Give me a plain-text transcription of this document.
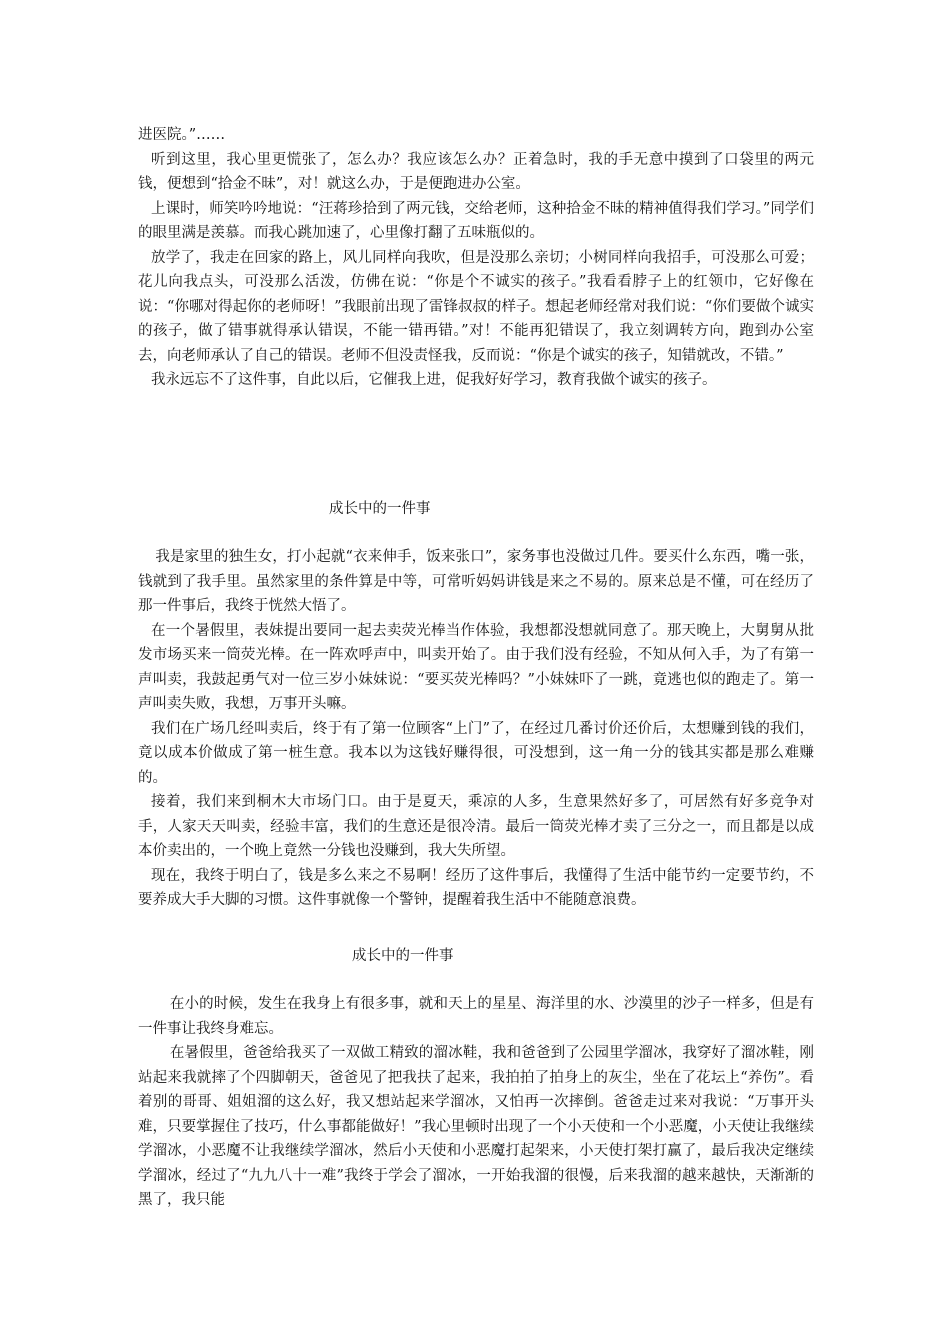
进医院。”……

听到这里，我心里更慌张了，怎么办？我应该怎么办？正着急时，我的手无意中摸到了口袋里的两元钱，便想到“拾金不昧”，对！就这么办，于是便跑进办公室。

上课时，师笑吟吟地说：“汪蒋珍拾到了两元钱，交给老师，这种拾金不昧的精神值得我们学习。”同学们的眼里满是羡慕。而我心跳加速了，心里像打翻了五味瓶似的。

放学了，我走在回家的路上，风儿同样向我吹，但是没那么亲切；小树同样向我招手，可没那么可爱；花儿向我点头，可没那么活泼，仿佛在说：“你是个不诚实的孩子。”我看看脖子上的红领巾，它好像在说：“你哪对得起你的老师呀！”我眼前出现了雷锋叔叔的样子。想起老师经常对我们说：“你们要做个诚实的孩子，做了错事就得承认错误，不能一错再错。”对！不能再犯错误了，我立刻调转方向，跑到办公室去，向老师承认了自己的错误。老师不但没责怪我，反而说：“你是个诚实的孩子，知错就改，不错。”

我永远忘不了这件事，自此以后，它催我上进，促我好好学习，教育我做个诚实的孩子。

成长中的一件事

我是家里的独生女，打小起就“衣来伸手，饭来张口”，家务事也没做过几件。要买什么东西，嘴一张，钱就到了我手里。虽然家里的条件算是中等，可常听妈妈讲钱是来之不易的。原来总是不懂，可在经历了那一件事后，我终于恍然大悟了。

在一个暑假里，表妹提出要同一起去卖荧光棒当作体验，我想都没想就同意了。那天晚上，大舅舅从批发市场买来一筒荧光棒。在一阵欢呼声中，叫卖开始了。由于我们没有经验，不知从何入手，为了有第一声叫卖，我鼓起勇气对一位三岁小妹妹说：“要买荧光棒吗？”小妹妹吓了一跳，竟逃也似的跑走了。第一声叫卖失败，我想，万事开头嘛。

我们在广场几经叫卖后，终于有了第一位顾客“上门”了，在经过几番讨价还价后，太想赚到钱的我们，竟以成本价做成了第一桩生意。我本以为这钱好赚得很，可没想到，这一角一分的钱其实都是那么难赚的。

接着，我们来到桐木大市场门口。由于是夏天，乘凉的人多，生意果然好多了，可居然有好多竞争对手，人家天天叫卖，经验丰富，我们的生意还是很冷清。最后一筒荧光棒才卖了三分之一，而且都是以成本价卖出的，一个晚上竟然一分钱也没赚到，我大失所望。

现在，我终于明白了，钱是多么来之不易啊！经历了这件事后，我懂得了生活中能节约一定要节约，不要养成大手大脚的习惯。这件事就像一个警钟，提醒着我生活中不能随意浪费。

成长中的一件事

在小的时候，发生在我身上有很多事，就和天上的星星、海洋里的水、沙漠里的沙子一样多，但是有一件事让我终身难忘。

在暑假里，爸爸给我买了一双做工精致的溜冰鞋，我和爸爸到了公园里学溜冰，我穿好了溜冰鞋，刚站起来我就摔了个四脚朝天，爸爸见了把我扶了起来，我拍拍了拍身上的灰尘，坐在了花坛上“养伤”。看着别的哥哥、姐姐溜的这么好，我又想站起来学溜冰，又怕再一次摔倒。爸爸走过来对我说：“万事开头难，只要掌握住了技巧，什么事都能做好！”我心里顿时出现了一个小天使和一个小恶魔，小天使让我继续学溜冰，小恶魔不让我继续学溜冰，然后小天使和小恶魔打起架来，小天使打架打赢了，最后我决定继续学溜冰，经过了“九九八十一难”我终于学会了溜冰，一开始我溜的很慢，后来我溜的越来越快，天渐渐的黑了，我只能
